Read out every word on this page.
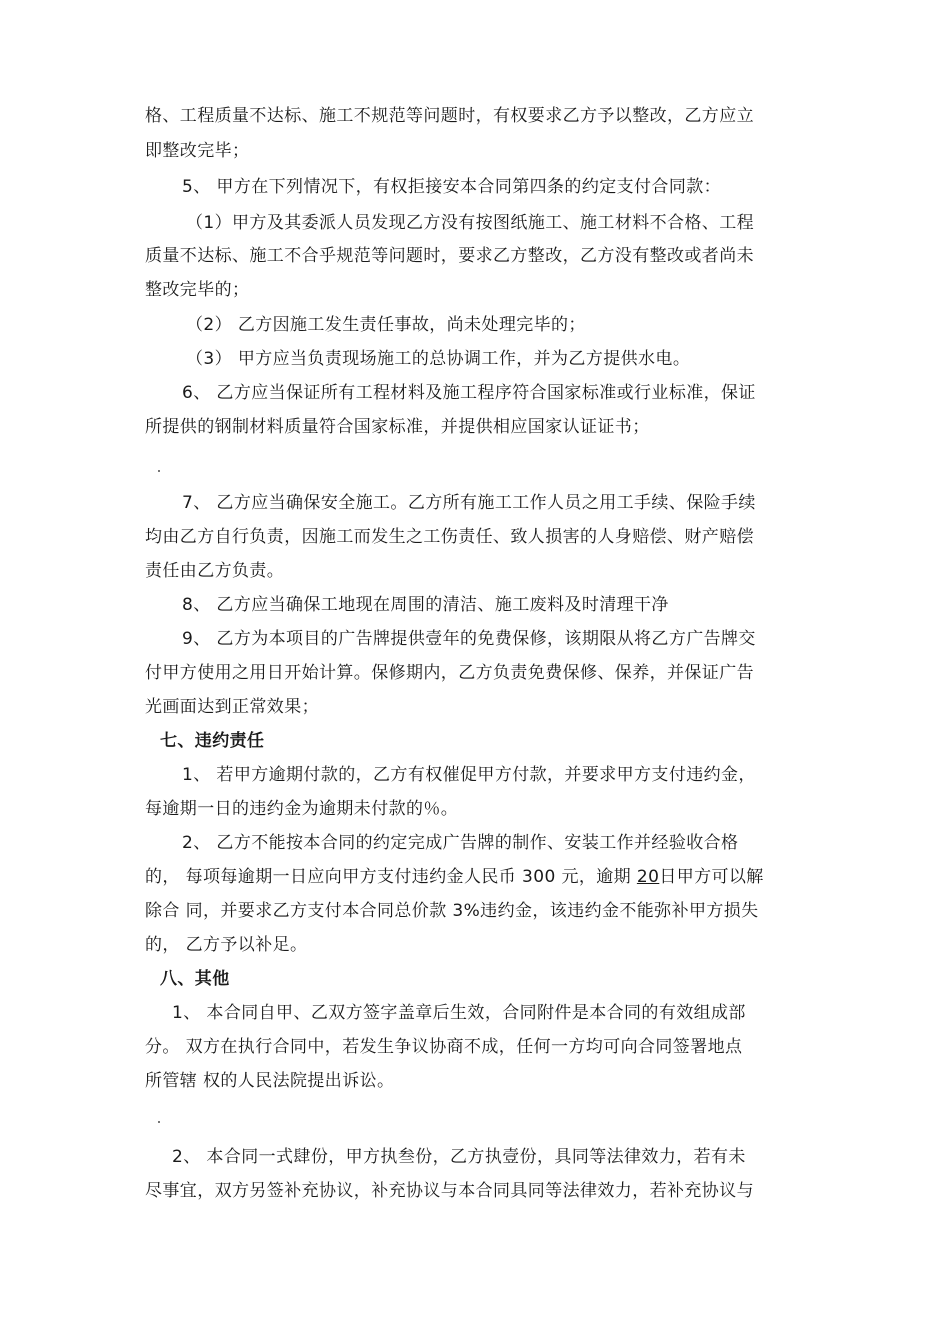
格、工程质量不达标、施工不规范等问题时，有权要求乙方予以整改，乙方应立
即整改完毕；
5、 甲方在下列情况下，有权拒接安本合同第四条的约定支付合同款：
（1）甲方及其委派人员发现乙方没有按图纸施工、施工材料不合格、工程
质量不达标、施工不合乎规范等问题时，要求乙方整改，乙方没有整改或者尚未
整改完毕的；
（2） 乙方因施工发生责任事故，尚未处理完毕的；
（3） 甲方应当负责现场施工的总协调工作，并为乙方提供水电。
6、 乙方应当保证所有工程材料及施工程序符合国家标准或行业标准，保证
所提供的钢制材料质量符合国家标准，并提供相应国家认证证书；
7、 乙方应当确保安全施工。乙方所有施工工作人员之用工手续、保险手续
均由乙方自行负责，因施工而发生之工伤责任、致人损害的人身赔偿、财产赔偿
责任由乙方负责。
8、 乙方应当确保工地现在周围的清洁、施工废料及时清理干净
9、 乙方为本项目的广告牌提供壹年的免费保修，该期限从将乙方广告牌交
付甲方使用之用日开始计算。保修期内，乙方负责免费保修、保养，并保证广告
光画面达到正常效果；
七、违约责任
1、 若甲方逾期付款的，乙方有权催促甲方付款，并要求甲方支付违约金，
每逾期一日的违约金为逾期未付款的％。
2、 乙方不能按本合同的约定完成广告牌的制作、安装工作并经验收合格
的， 每项每逾期一日应向甲方支付违约金人民币 300 元，逾期 20日甲方可以解
除合 同，并要求乙方支付本合同总价款 3%违约金，该违约金不能弥补甲方损失
的， 乙方予以补足。
八、其他
1、 本合同自甲、乙双方签字盖章后生效，合同附件是本合同的有效组成部
分。 双方在执行合同中，若发生争议协商不成，任何一方均可向合同签署地点
所管辖 权的人民法院提出诉讼。
2、 本合同一式肆份，甲方执叁份，乙方执壹份，具同等法律效力，若有未
尽事宜，双方另签补充协议，补充协议与本合同具同等法律效力，若补充协议与
